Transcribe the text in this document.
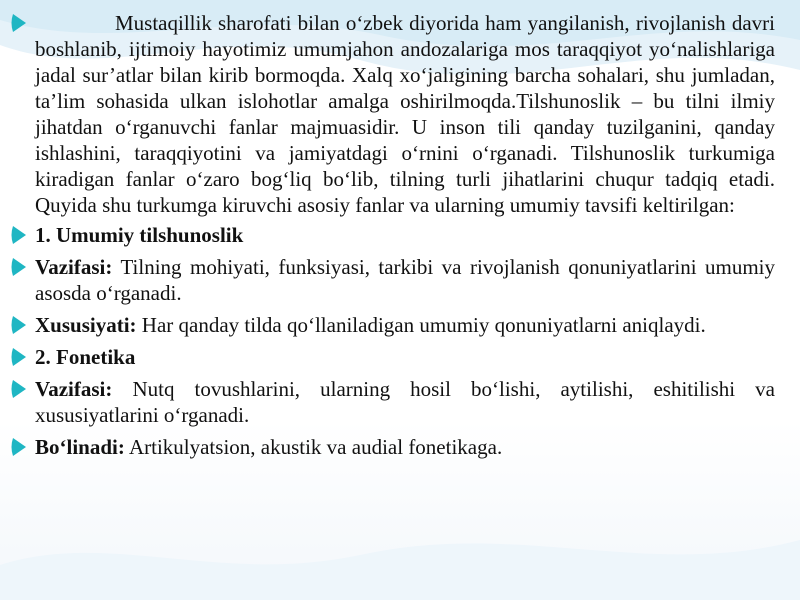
Mustaqillik sharofati bilan o‘zbek diyorida ham yangilanish, rivojlanish davri boshlanib, ijtimoiy hayotimiz umumjahon andozalariga mos taraqqiyot yo‘nalishlariga jadal sur’atlar bilan kirib bormoqda. Xalq xo‘jaligining barcha sohalari, shu jumladan, ta’lim sohasida ulkan islohotlar amalga oshirilmoqda.Tilshunoslik – bu tilni ilmiy jihatdan o‘rganuvchi fanlar majmuasidir. U inson tili qanday tuzilganini, qanday ishlashini, taraqqiyotini va jamiyatdagi o‘rnini o‘rganadi. Tilshunoslik turkumiga kiradigan fanlar o‘zaro bog‘liq bo‘lib, tilning turli jihatlarini chuqur tadqiq etadi. Quyida shu turkumga kiruvchi asosiy fanlar va ularning umumiy tavsifi keltirilgan:
1. Umumiy tilshunoslik
Vazifasi: Tilning mohiyati, funksiyasi, tarkibi va rivojlanish qonuniyatlarini umumiy asosda o‘rganadi.
Xususiyati: Har qanday tilda qo‘llaniladigan umumiy qonuniyatlarni aniqlaydi.
2. Fonetika
Vazifasi: Nutq tovushlarini, ularning hosil bo‘lishi, aytilishi, eshitilishi va xususiyatlarini o‘rganadi.
Bo‘linadi: Artikulyatsion, akustik va audial fonetikaga.
